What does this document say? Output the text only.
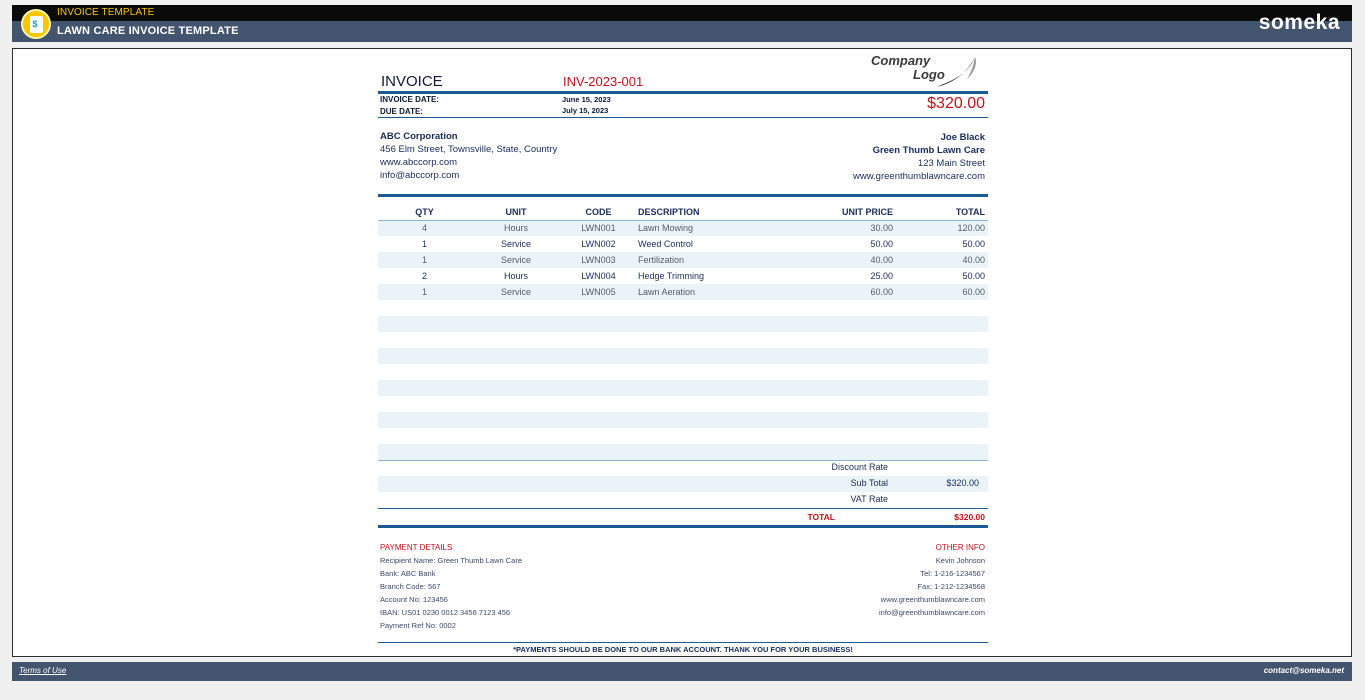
$
INVOICE TEMPLATE
LAWN CARE INVOICE TEMPLATE	someka
INVOICE	INV-2023-001
Company
Logo
INVOICE DATE:	June 15, 2023
DUE DATE:	July 15, 2023	$320.00
ABC Corporation
456 Elm Street, Townsville, State, Country
www.abccorp.com
info@abccorp.com
Joe Black
Green Thumb Lawn Care
123 Main Street
www.greenthumblawncare.com
QTY	UNIT	CODE	DESCRIPTION	UNIT PRICE	TOTAL
4	Hours	LWN001	Lawn Mowing	30.00	120.00
1	Service	LWN002	Weed Control	50.00	50.00
1	Service	LWN003	Fertilization	40.00	40.00
2	Hours	LWN004	Hedge Trimming	25.00	50.00
1	Service	LWN005	Lawn Aeration	60.00	60.00

Discount Rate
Sub Total	$320.00
VAT Rate
TOTAL	$320.00
PAYMENT DETAILS
Recipient Name: Green Thumb Lawn Care
Bank: ABC Bank
Branch Code: 567
Account No: 123456
IBAN: US01 0230 0012 3456 7123 456
Payment Ref No: 0002
OTHER INFO
Kevin Johnson
Tel: 1-216-1234567
Fax: 1-212-1234568
www.greenthumblawncare.com
info@greenthumblawncare.com
*PAYMENTS SHOULD BE DONE TO OUR BANK ACCOUNT. THANK YOU FOR YOUR BUSINESS!
Terms of Use	contact@someka.net
